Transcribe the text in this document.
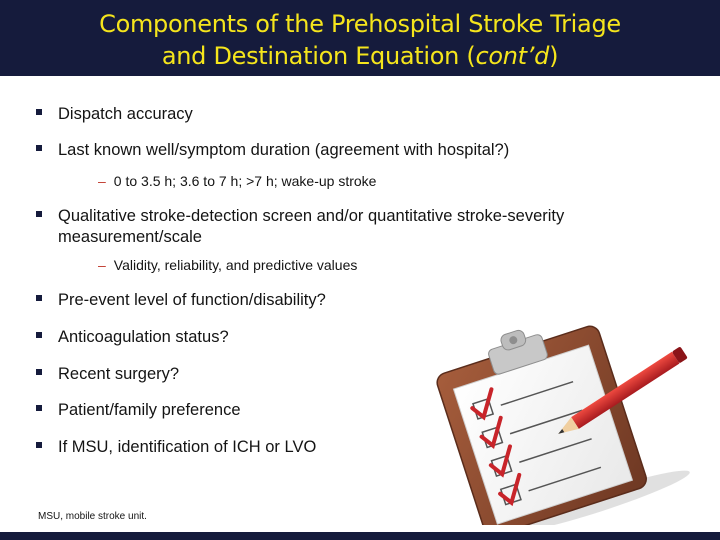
Components of the Prehospital Stroke Triage
and Destination Equation (cont’d)
Dispatch accuracy
Last known well/symptom duration (agreement with hospital?)
– 0 to 3.5 h; 3.6 to 7 h; >7 h; wake-up stroke
Qualitative stroke-detection screen and/or quantitative stroke-severity measurement/scale
– Validity, reliability, and predictive values
Pre-event level of function/disability?
Anticoagulation status?
Recent surgery?
Patient/family preference
If MSU, identification of ICH or LVO
MSU, mobile stroke unit.
